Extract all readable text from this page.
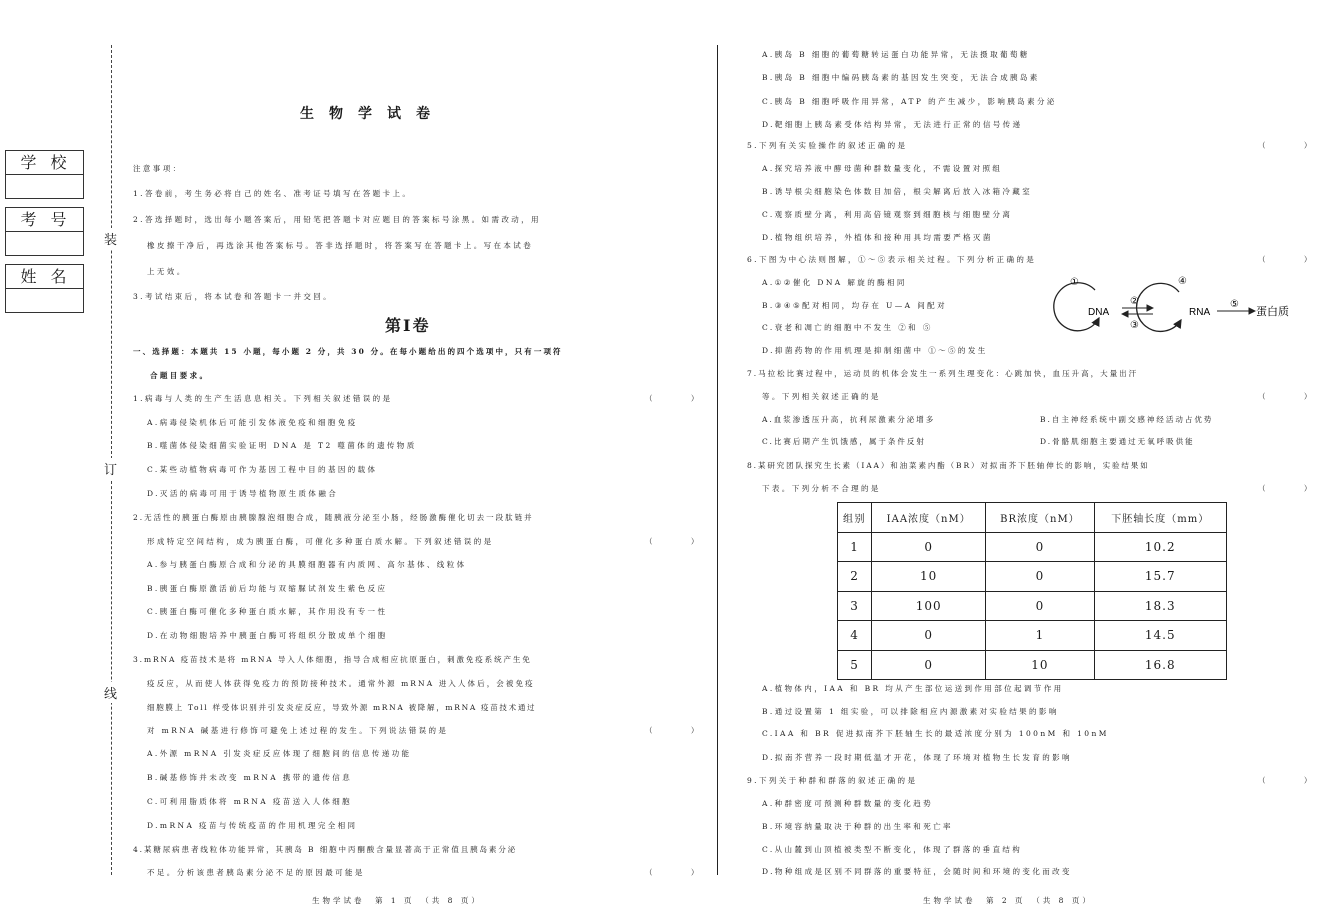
学校
考号
姓名
装
订
线
生物学试卷
注意事项：
1.答卷前，考生务必将自己的姓名、准考证号填写在答题卡上。
2.答选择题时，选出每小题答案后，用铅笔把答题卡对应题目的答案标号涂黑。如需改动，用
橡皮擦干净后，再选涂其他答案标号。答非选择题时，将答案写在答题卡上。写在本试卷
上无效。
3.考试结束后，将本试卷和答题卡一并交回。
第Ⅰ卷
一、选择题：本题共 15 小题，每小题 2 分，共 30 分。在每小题给出的四个选项中，只有一项符
合题目要求。
1.病毒与人类的生产生活息息相关。下列相关叙述错误的是	（ ）
A.病毒侵染机体后可能引发体液免疫和细胞免疫
B.噬菌体侵染细菌实验证明 DNA 是 T2 噬菌体的遗传物质
C.某些动植物病毒可作为基因工程中目的基因的载体
D.灭活的病毒可用于诱导植物原生质体融合
2.无活性的胰蛋白酶原由胰腺腺泡细胞合成，随胰液分泌至小肠，经肠激酶催化切去一段肽链并
形成特定空间结构，成为胰蛋白酶，可催化多种蛋白质水解。下列叙述错误的是	（ ）
A.参与胰蛋白酶原合成和分泌的具膜细胞器有内质网、高尔基体、线粒体
B.胰蛋白酶原激活前后均能与双缩脲试剂发生紫色反应
C.胰蛋白酶可催化多种蛋白质水解，其作用没有专一性
D.在动物细胞培养中胰蛋白酶可将组织分散成单个细胞
3.mRNA 疫苗技术是将 mRNA 导入人体细胞，指导合成相应抗原蛋白，刺激免疫系统产生免
疫反应，从而使人体获得免疫力的预防接种技术。通常外源 mRNA 进入人体后，会被免疫
细胞膜上 Toll 样受体识别并引发炎症反应，导致外源 mRNA 被降解，mRNA 疫苗技术通过
对 mRNA 碱基进行修饰可避免上述过程的发生。下列说法错误的是	（ ）
A.外源 mRNA 引发炎症反应体现了细胞间的信息传递功能
B.碱基修饰并未改变 mRNA 携带的遗传信息
C.可利用脂质体将 mRNA 疫苗送入人体细胞
D.mRNA 疫苗与传统疫苗的作用机理完全相同
4.某糖尿病患者线粒体功能异常，其胰岛 B 细胞中丙酮酸含量显著高于正常值且胰岛素分泌
不足。分析该患者胰岛素分泌不足的原因最可能是	（ ）
生物学试卷　第 1 页　（共 8 页）
A.胰岛 B 细胞的葡萄糖转运蛋白功能异常，无法摄取葡萄糖
B.胰岛 B 细胞中编码胰岛素的基因发生突变，无法合成胰岛素
C.胰岛 B 细胞呼吸作用异常，ATP 的产生减少，影响胰岛素分泌
D.靶细胞上胰岛素受体结构异常，无法进行正常的信号传递
5.下列有关实验操作的叙述正确的是	（ ）
A.探究培养液中酵母菌种群数量变化，不需设置对照组
B.诱导根尖细胞染色体数目加倍，根尖解离后放入冰箱冷藏室
C.观察质壁分离，利用高倍镜观察到细胞核与细胞壁分离
D.植物组织培养，外植体和接种用具均需要严格灭菌
6.下图为中心法则图解，①～⑤表示相关过程。下列分析正确的是	（ ）
A.①②催化 DNA 解旋的酶相同
B.③④⑤配对相同，均存在 U—A 间配对
C.衰老和凋亡的细胞中不发生 ②和 ⑤
D.抑菌药物的作用机理是抑制细菌中 ①～⑤的发生
DNA	RNA	蛋白质
①
②
③
④
⑤
7.马拉松比赛过程中，运动员的机体会发生一系列生理变化：心跳加快，血压升高，大量出汗
等。下列相关叙述正确的是	（ ）
A.血浆渗透压升高，抗利尿激素分泌增多	B.自主神经系统中副交感神经活动占优势
C.比赛后期产生饥饿感，属于条件反射	D.骨骼肌细胞主要通过无氧呼吸供能
8.某研究团队探究生长素（IAA）和油菜素内酯（BR）对拟南芥下胚轴伸长的影响，实验结果如
下表。下列分析不合理的是	（ ）
组别	IAA浓度（nM）	BR浓度（nM）	下胚轴长度（mm）
1	0	0	10.2
2	10	0	15.7
3	100	0	18.3
4	0	1	14.5
5	0	10	16.8
A.植物体内，IAA 和 BR 均从产生部位运送到作用部位起调节作用
B.通过设置第 1 组实验，可以排除相应内源激素对实验结果的影响
C.IAA 和 BR 促进拟南芥下胚轴生长的最适浓度分别为 100nM 和 10nM
D.拟南芥营养一段时期低温才开花，体现了环境对植物生长发育的影响
9.下列关于种群和群落的叙述正确的是	（ ）
A.种群密度可预测种群数量的变化趋势
B.环境容纳量取决于种群的出生率和死亡率
C.从山麓到山顶植被类型不断变化，体现了群落的垂直结构
D.物种组成是区别不同群落的重要特征，会随时间和环境的变化而改变
生物学试卷　第 2 页　（共 8 页）
